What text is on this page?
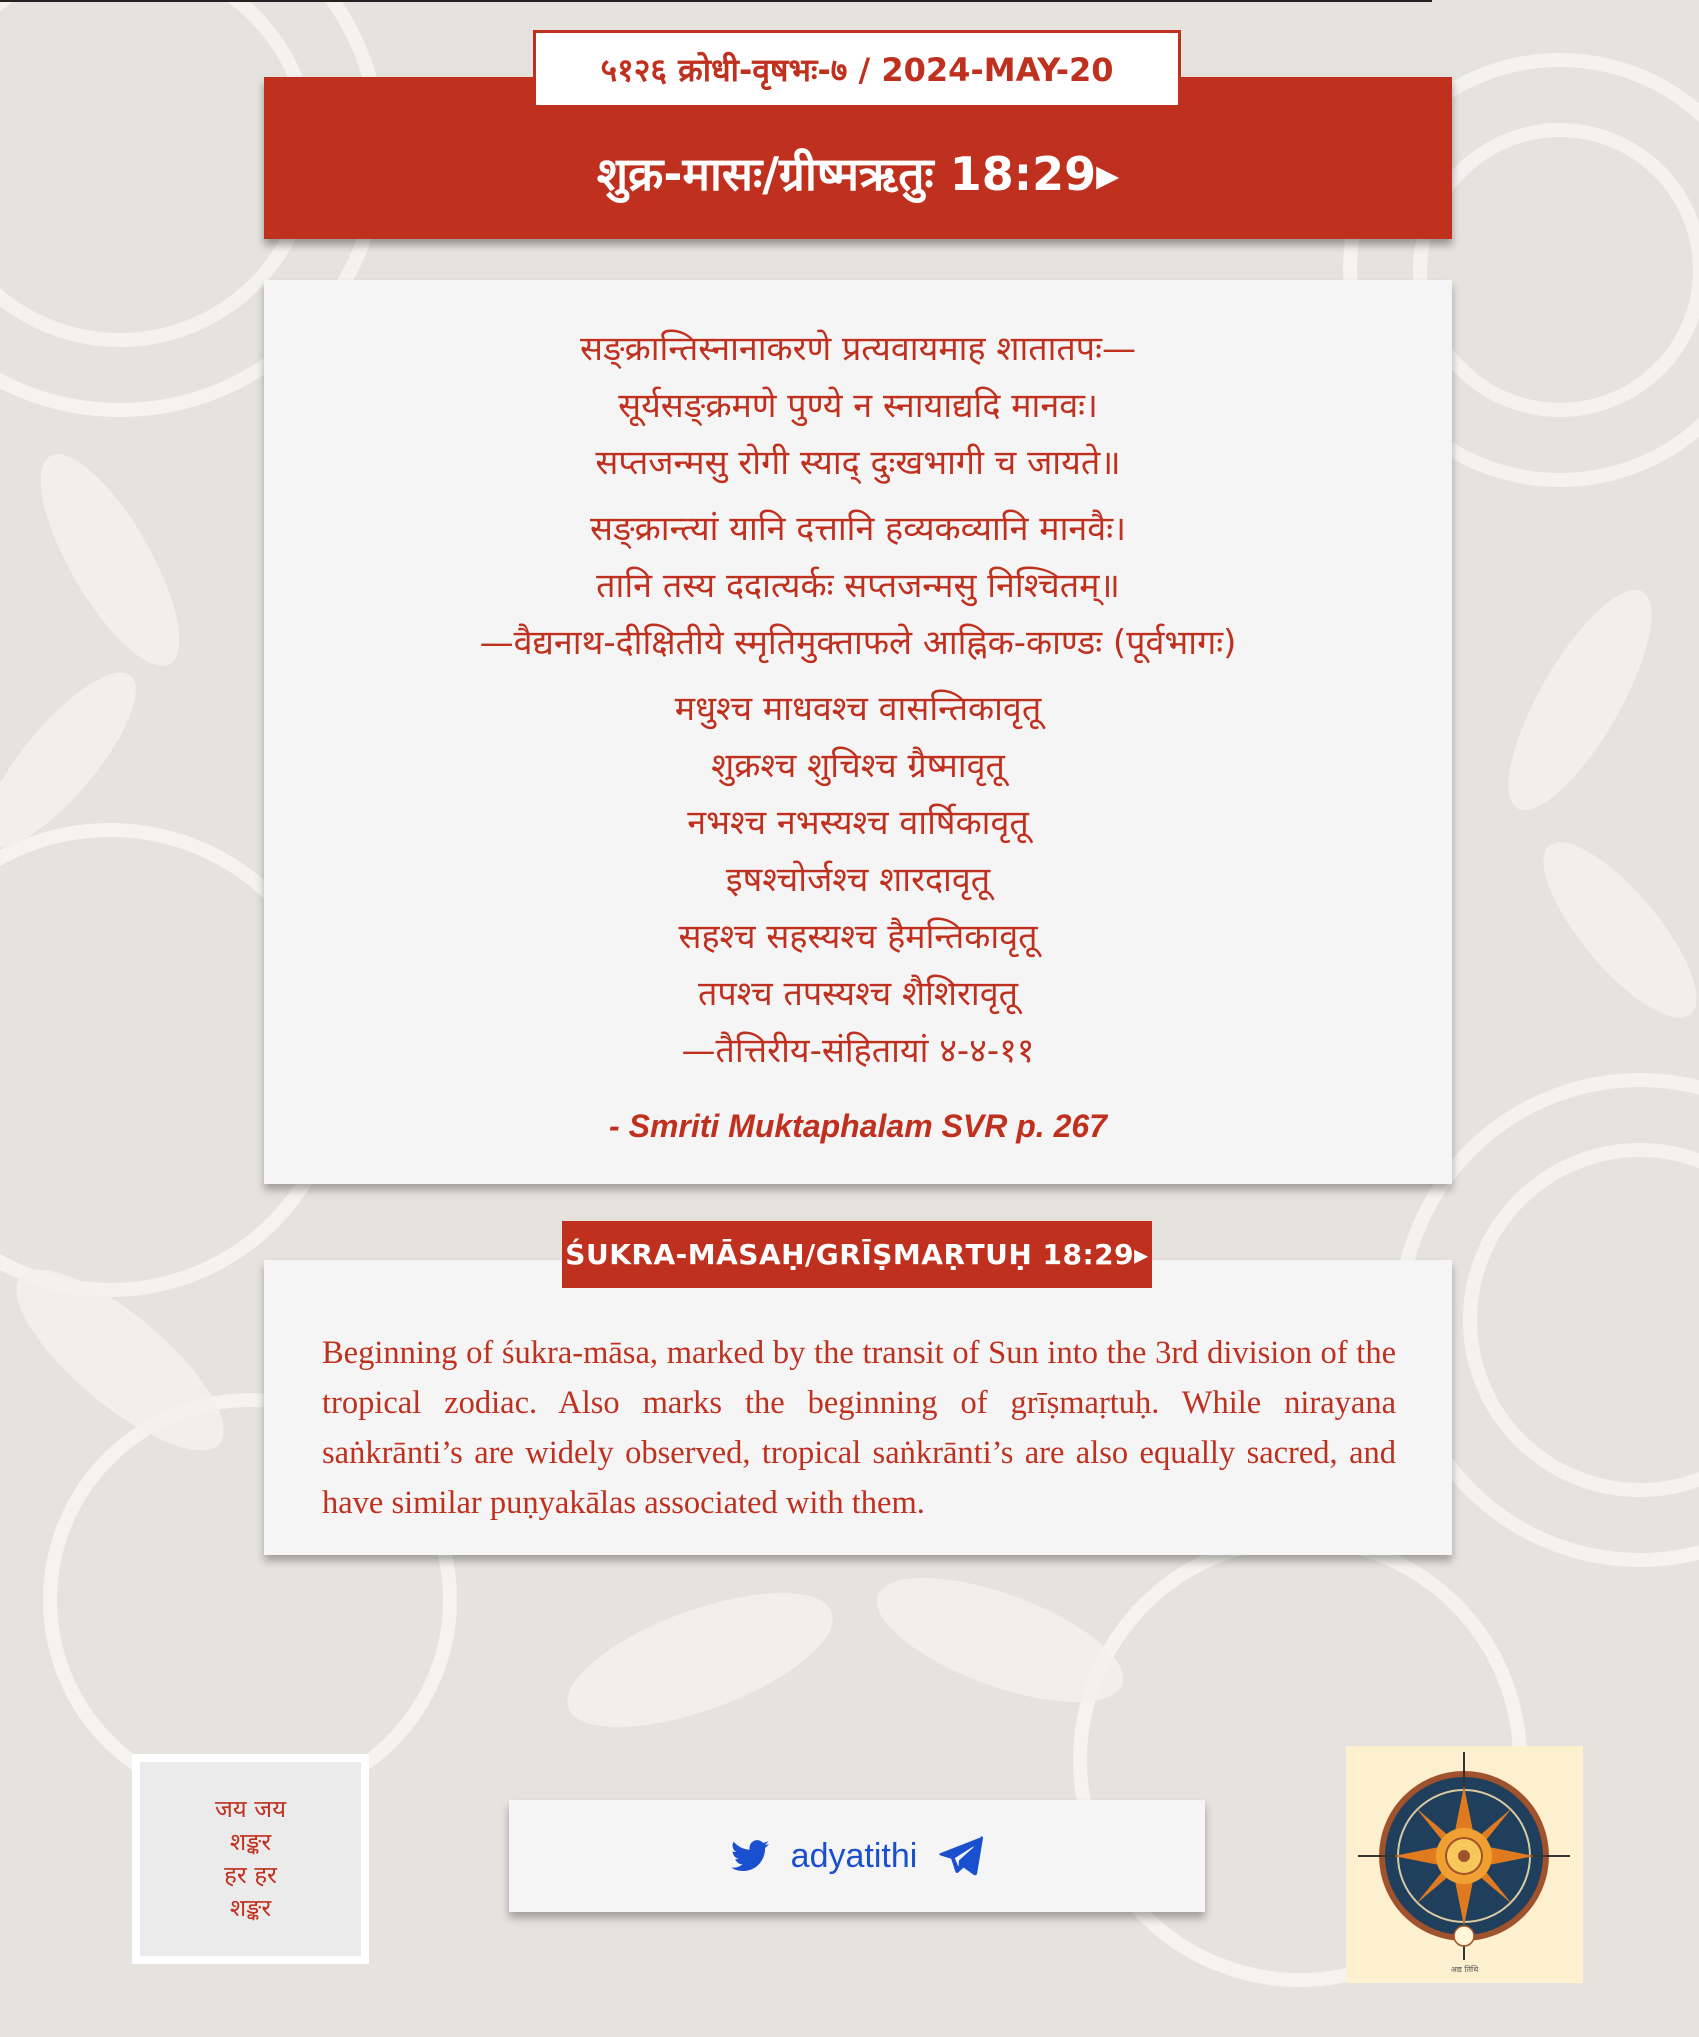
५१२६ क्रोधी-वृषभः-७ / 2024-MAY-20
शुक्र-मासः/ग्रीष्मऋतुः 18:29▸
सङ्क्रान्तिस्नानाकरणे प्रत्यवायमाह शातातपः—
सूर्यसङ्क्रमणे पुण्ये न स्नायाद्यदि मानवः।
सप्तजन्मसु रोगी स्याद् दुःखभागी च जायते॥
सङ्क्रान्त्यां यानि दत्तानि हव्यकव्यानि मानवैः।
तानि तस्य ददात्यर्कः सप्तजन्मसु निश्चितम्॥
—वैद्यनाथ-दीक्षितीये स्मृतिमुक्ताफले आह्निक-काण्डः (पूर्वभागः)
मधुश्च माधवश्च वासन्तिकावृतू
शुक्रश्च शुचिश्च ग्रैष्मावृतू
नभश्च नभस्यश्च वार्षिकावृतू
इषश्चोर्जश्च शारदावृतू
सहश्च सहस्यश्च हैमन्तिकावृतू
तपश्च तपस्यश्च शैशिरावृतू
—तैत्तिरीय-संहितायां ४-४-११
- Smriti Muktaphalam SVR p. 267
ŚUKRA-MĀSAḤ/GRĪṢMAṚTUḤ 18:29▸
Beginning of śukra-māsa, marked by the transit of Sun into the 3rd division of the tropical zodiac. Also marks the beginning of grīṣmaṛtuḥ. While nirayana saṅkrānti’s are widely observed, tropical saṅkrānti’s are also equally sacred, and have similar puṇyakālas associated with them.
जय जय
शङ्कर
हर हर
शङ्कर
adyatithi
अद्य तिथि
